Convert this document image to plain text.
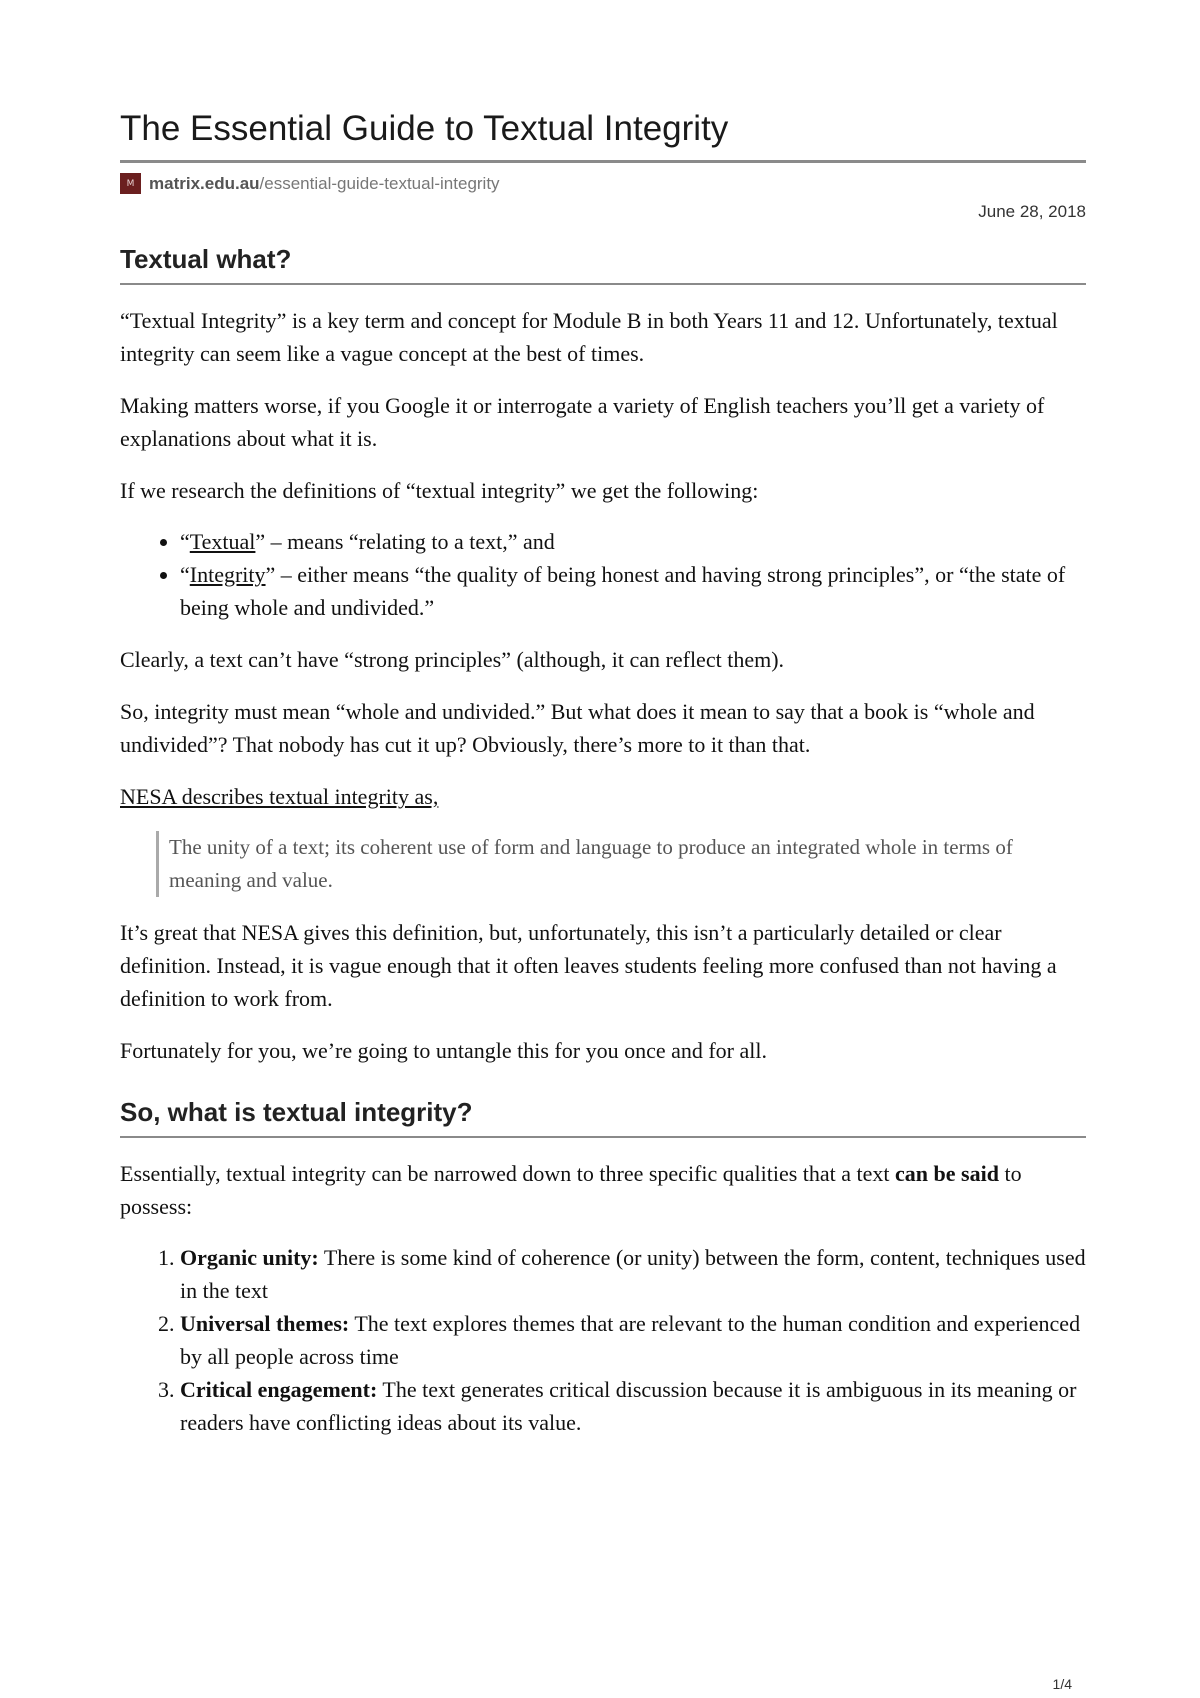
The Essential Guide to Textual Integrity
M matrix.edu.au/essential-guide-textual-integrity
June 28, 2018
Textual what?

“Textual Integrity” is a key term and concept for Module B in both Years 11 and 12. Unfortunately, textual integrity can seem like a vague concept at the best of times.

Making matters worse, if you Google it or interrogate a variety of English teachers you’ll get a variety of explanations about what it is.

If we research the definitions of “textual integrity” we get the following:

• “Textual” – means “relating to a text,” and
• “Integrity” – either means “the quality of being honest and having strong principles”, or “the state of being whole and undivided.”

Clearly, a text can’t have “strong principles” (although, it can reflect them).

So, integrity must mean “whole and undivided.” But what does it mean to say that a book is “whole and undivided”? That nobody has cut it up? Obviously, there’s more to it than that.

NESA describes textual integrity as,

The unity of a text; its coherent use of form and language to produce an integrated whole in terms of meaning and value.

It’s great that NESA gives this definition, but, unfortunately, this isn’t a particularly detailed or clear definition. Instead, it is vague enough that it often leaves students feeling more confused than not having a definition to work from.

Fortunately for you, we’re going to untangle this for you once and for all.

So, what is textual integrity?

Essentially, textual integrity can be narrowed down to three specific qualities that a text can be said to possess:

1. Organic unity: There is some kind of coherence (or unity) between the form, content, techniques used in the text
2. Universal themes: The text explores themes that are relevant to the human condition and experienced by all people across time
3. Critical engagement: The text generates critical discussion because it is ambiguous in its meaning or readers have conflicting ideas about its value.
1/4
